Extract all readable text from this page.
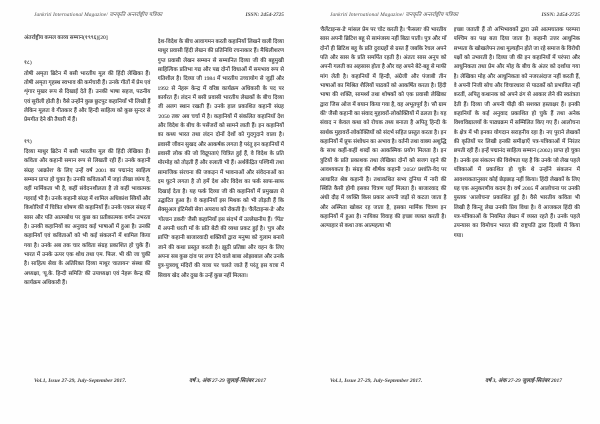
Jankriti International Magazine/ जनकृति अन्तर्राष्ट्रीय पत्रिका	ISSN: 2454-2725
अंतर्राष्ट्रीय कमल काव्य सम्मान(१९९६)[20]
१८)

तोषी अमृता ब्रिटेन में बसी भारतीय मूल की हिंदी लेखिका हैं। तोषी अमृता गृहस्थ स्वभाव की कर्मचारी हैं। उनके गीतों में प्रेम एवं शृंगार मुखर रूप से दिखाई देते हैं। उनकी भाषा सहज, पठनीय एवं सुरीली होती है। वैसे उन्होंने कुछ छुटपुट कहानियाँ भी लिखी हैं लेकिन मूलतः वे गीतकार हैं और हिन्दी साहित्य को कुछ सुन्दर से प्रेमगीत देने की तैयारी में हैं।

१९)

दिव्या माथुर ब्रिटेन में बसी भारतीय मूल की हिंदी लेखिका हैं। कविता और कहानी समान रूप से लिखती रही हैं। उनके कहानी संग्रह 'आक्रोश' के लिए उन्हें वर्ष 2001 का पद्मानंद साहित्य सम्मान प्राप्त हो चुका है। उनकी कविताओं में जहां तीखा व्यंग्य है, वहीं मार्मिकता भी है, कहीं संवेदनशीलता है तो कहीं भावात्मक गहराई भी है। उनके कहानी संग्रह में शामिल अधिकांश स्त्रियों और किशोरियों में चित्रित शोषण की कहानियाँ हैं। उनके एकल संग्रह में सास और पति आत्मबोध पर कुछ का प्रतीकात्मक वर्णन उभरता है। उनकी कहानियों का अनुवाद कई भाषाओं में हुआ है। उनकी कहानियाँ एवं कविताओं को भी कई संकलनों में शामिल किया गया है। उनके अब तक चार कविता संग्रह प्रकाशित हो चुके हैं। भारत में उनके ऊपर एक शोध तथा एम. फिल. भी की जा चुकी है। साहित्य सेवा के अतिरिक्त दिव्या माथुर 'वातायन' संस्था की अध्यक्षा, 'यू.के. हिन्दी समिति' की उपाध्यक्षा एवं नेहरू केन्द्र की कार्यक्रम अधिकारी हैं।

देश-विदेश के बीच आवागमन करती कहानियाँ लिखने वाली दिव्या माथुर प्रवासी हिंदी लेखन की प्रतिनिधि रचनाकार हैं। मैथिलीशरण गुप्त प्रवासी लेखन सम्मान से सम्मानित दिव्या जी की बहुमुखी साहित्यिक प्रतिभा गद्य और पद्य दोनों विधाओं में समभाव रूप से गतिशील है। दिव्या जी 1984 में भारतीय उच्चायोग से जुड़ीं और 1992 से नेहरू केन्द्र में वरिष्ठ कार्यक्रम अधिकारी के पद पर कार्यरत हैं। लंदन में बसी प्रवासी भारतीय लेखकों के बीच दिव्या जी अलग स्थान रखती हैं। उनके हाल प्रकाशित कहानी संग्रह '2050 तक' अब चर्चा में है। कहानियों में संकलित कहानियाँ देश और विदेश के बीच के पसेंजरों को सामने लाती हैं। इन कहानियों का कथ्य भारत तथा लंदन दोनों देशों को गुदगुदाने वाला है। प्रवासी जीवन सुखद और आकर्षक लगता है परंतु इन कहानियों में प्रवासी लोक की जो विद्रूपताएं चित्रित हुई हैं, वे विदेश के प्रति मोरमोह को तोड़ती हैं और रुलाती भी हैं। अर्थकेंद्रित पश्चिमी तथा सामाजिक संरचना की जकड़न में भावनाओं और संवेदनाओं का दम घुटने लगता है तो हमें देश और विदेश का फर्क साफ-साफ दिखाई देता है। यह फर्क दिव्या जी की कहानियों में प्रमुखता से उद्घाटित हुआ है। वे कहानियाँ इस मिथक को भी तोड़ती हैं कि सेक्सुअल इंटिमेसी सेवा अपराध को रोकती है। 'वैलेंटाइन्स-डे' और 'गोल्डन डकरी' जैसी कहानियाँ इस संदर्भ में उल्लेखनीय हैं। 'पिंड' में अपनी धरती माँ के प्रति बेटी की व्यथा प्रकट हुई है। 'पुत्र और प्राप्ति' कहानी बाजारवादी शक्तियों द्वारा मनुष्य को गुलाम बनाये जाने की कथा प्रस्तुत करती है। झूठी प्रतिष्ठा और वहन के लिए अपना सब कुछ दांव पर लगा देने वाले बाबा ओझाबाल और उनके पुत्र-पुत्रवधू मंदिरों की यात्रा पर चलते जाते हैं परंतु इस यात्रा में सिवाय खेद और दुख के उन्हें कुछ नहीं मिलता।

Vol.1, Issue 27-29, July-September 2017.	वर्ष 3, अंक 27-29 जुलाई-सितंबर 2017
Jankriti International Magazine/ जनकृति अन्तर्राष्ट्रीय पत्रिका	ISSN: 2454-2725

'वैलेंटाइन्स-डे' मांसल प्रेम पर चोट करती है। 'फैसला' की भारतीय सास अपनी ब्रिटिश बहू से सामंजस्य नहीं बिठा पाती। पुत्र और माँ दोनों ही ब्रिटिश बहू के प्रति दुराग्रहों से ग्रस्त हैं जबकि रेचल अपने पति और सास के प्रति समर्पित रहती है। अंततः सास अनूप को अपनी गलती का अहसास होता है और वह अपने बेटे-बहू से माफी मांग लेती है। कहानियों में हिन्दी, अंग्रेजी और पंजाबी तीन भाषाओं का मिश्रित शैलियों पाठकों को आकर्षित करता है। हिंदी भाषा की शक्ति, सामर्थ्य तथा शोषकों को एक प्रवासी लेखिका द्वारा जिस ओज में बयान किया गया है, वह अभूतपूर्व है। 'सौ ग्राम की' जैसी कहानी का संवाद मुहावरों-लोकोक्तियों में ढलता है। यह संवाद न केवल कथा को रोचक तथ्य बनाता है अपितु हिन्दी के सार्थक मुहावरों-लोकोक्तियों को संदर्भ सहित प्रस्तुत करता है। इन कहानियों में प्रूफ संशोधन का अभाव है। वर्तनी तथा वाक्य अशुद्धि के साथ कहीं-कहीं शब्दों का आकस्मिक प्रयोग मिलता है। इन त्रुटियों के प्रति प्रकाशक तथा लेखिका दोनों को सजग रहने की आवश्यकता है। संग्रह की शीर्षक कहानी '2050' प्रशांति-वेद पर आधारित श्रेष्ठ कहानी है। तथाकथित सभ्य दुनिया में नारी की स्थिति कैसी होगी इसका चित्रण यहाँ मिलता है। बाजारवाद की अंधी दौड़ में व्यक्ति किस प्रकार अपनी जड़ों से कटता जाता है और अस्मिता खोकर रह जाता है, इसका मार्मिक चित्रण इन कहानियों में हुआ है। नायिका विवाह की इच्छा व्यक्त करती है। अल्पाहार से कथा तक आत्महत्या भी

इच्छा जताती हैं तो अभिभावकों द्वारा उसे आत्मघातक परम्परा पश्चिम का पक्ष बता दिया जाता है। कहानी उत्तर आधुनिक सभ्यता के खोखलेपन तथा मूल्यहीन होते जा रहे समाज के विरोधी पक्षों को उभारती है। दिव्या जी की इन कहानियों में परंपरा और आधुनिकता तथा प्रेम और मोह के बीच के अंतर को दर्शाया गया है। लेखिका मोह और आधुनिकता को नजरअंदाज नहीं करती हैं, वे अपनी निजी सोच और विचारधारा से पाठकों को प्रभावित नहीं करतीं, अपितु कथानक को अपने ढंग से आकार लेने की स्वतंत्रता देती हैं। दिव्या जी अपनी पीढ़ी की सशक्त हस्ताक्षर हैं। इनकी कहानियों के कई अनुवाद प्रकाशित हो चुके हैं तथा अनेक विश्वविद्यालयों के पाठ्यक्रम में सम्मिलित किए गए हैं। आलोचना के क्षेत्र में भी इनका योगदान सराहनीय रहा है। नए पुराने लेखकों की कृतियों पर लिखी इनकी समीक्षाएँ पत्र-पत्रिकाओं में निरंतर छपती रही हैं। इन्हें पद्मानंद साहित्य सम्मान (2002) प्राप्त हो चुका है। उनके इस संकलन की विशेषता यह है कि उनके जो लेख पहले पत्रिकाओं में प्रकाशित हो चुके थे उन्होंने संकलन में आवश्यकतानुसार कोई छेड़छाड़ नहीं किया। हिंदी लेखकों के लिए यह एक अनुकरणीय कदम है। वर्ष 2005 में आलोचना पर उनकी पुस्तक 'आलोचना' प्रकाशित हुई है। वैसे भारतीय कविता भी लिखी है किन्तु लेख उनकी प्रिय विधा है। वे आजकल हिंदी की पत्र-पत्रिकाओं के नियमित लेखन में व्यस्त रहते हैं। उनके पहले उपन्यास का विमोचन भारत की राष्ट्रपति द्वारा दिल्ली में किया गया।

Vol.1, Issue 27-29, July-September 2017.	वर्ष 3, अंक 27-29 जुलाई-सितंबर 2017
